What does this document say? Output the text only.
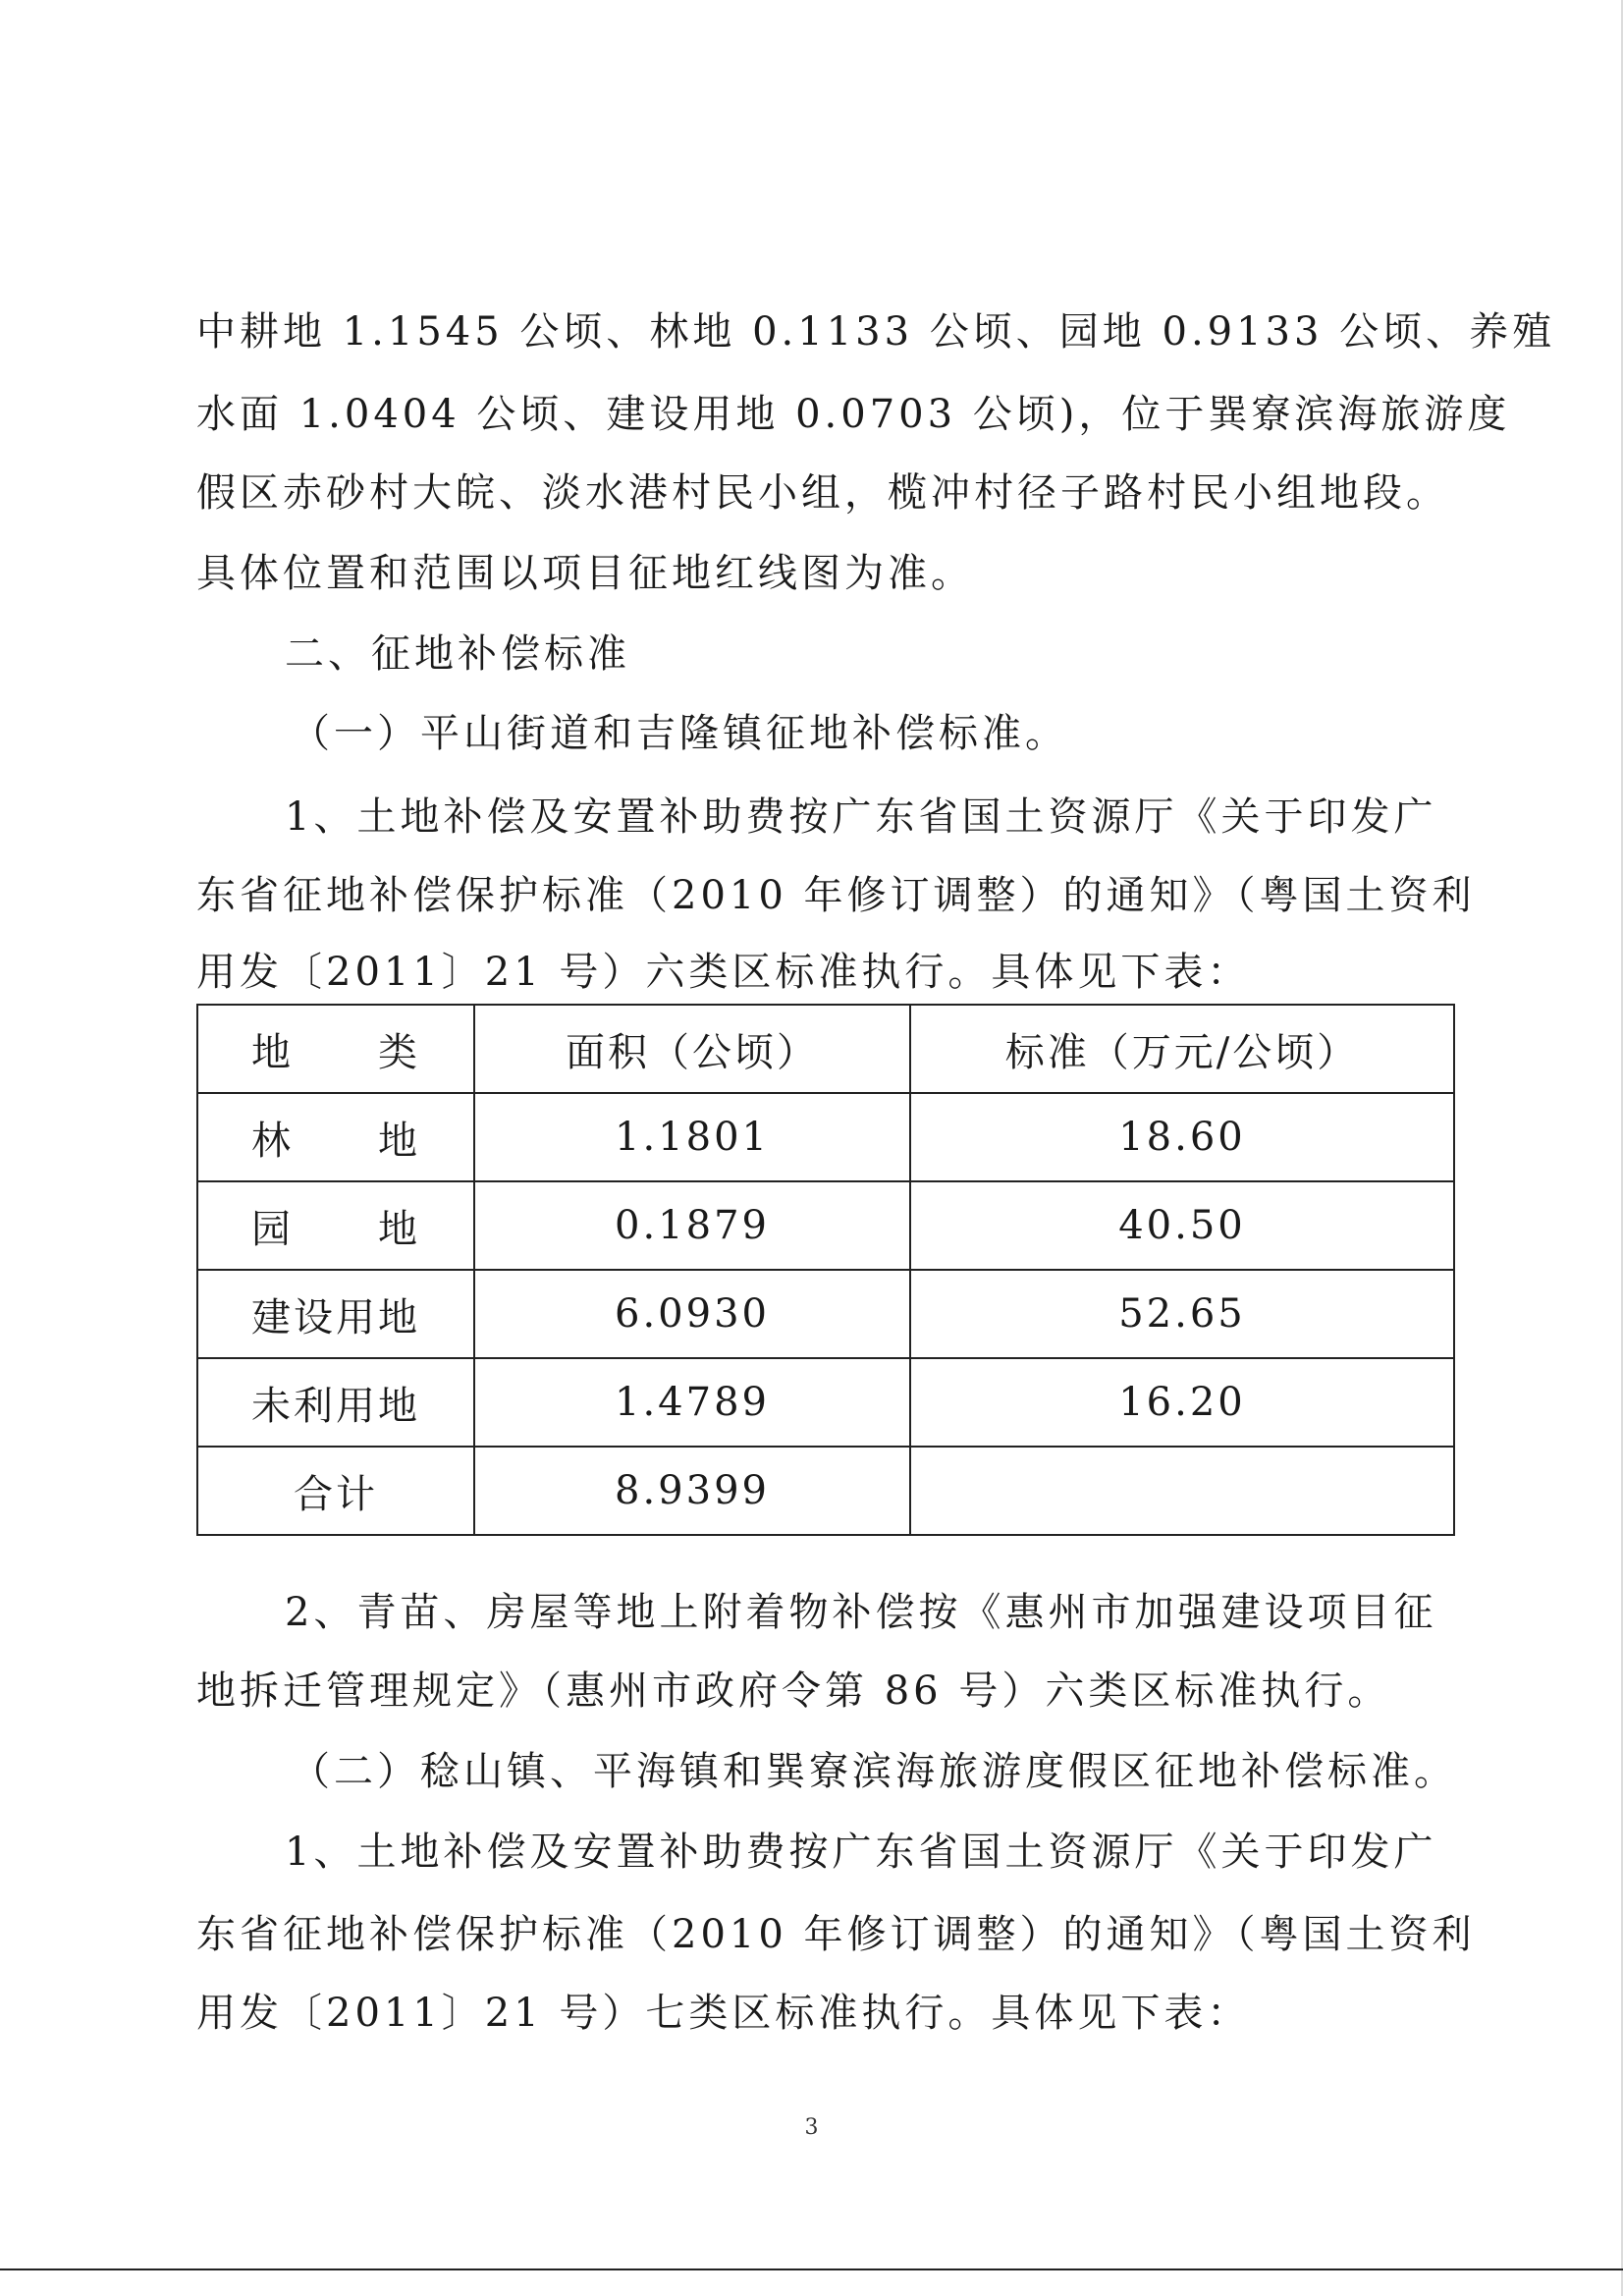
中耕地 1.1545 公顷、林地 0.1133 公顷、园地 0.9133 公顷、养殖
水面 1.0404 公顷、建设用地 0.0703 公顷)，位于巽寮滨海旅游度
假区赤砂村大皖、淡水港村民小组，榄冲村径子路村民小组地段。
具体位置和范围以项目征地红线图为准。
二、征地补偿标准
（一）平山街道和吉隆镇征地补偿标准。
1、土地补偿及安置补助费按广东省国土资源厅《关于印发广
东省征地补偿保护标准（2010 年修订调整）的通知》（粤国土资利
用发〔2011〕21 号）六类区标准执行。具体见下表：
地　　类	面积（公顷）	标准（万元/公顷）
林　　地	1.1801	18.60
园　　地	0.1879	40.50
建设用地	6.0930	52.65
未利用地	1.4789	16.20
合计	8.9399	
2、青苗、房屋等地上附着物补偿按《惠州市加强建设项目征
地拆迁管理规定》（惠州市政府令第 86 号）六类区标准执行。
（二）稔山镇、平海镇和巽寮滨海旅游度假区征地补偿标准。
1、土地补偿及安置补助费按广东省国土资源厅《关于印发广
东省征地补偿保护标准（2010 年修订调整）的通知》（粤国土资利
用发〔2011〕21 号）七类区标准执行。具体见下表：
3
